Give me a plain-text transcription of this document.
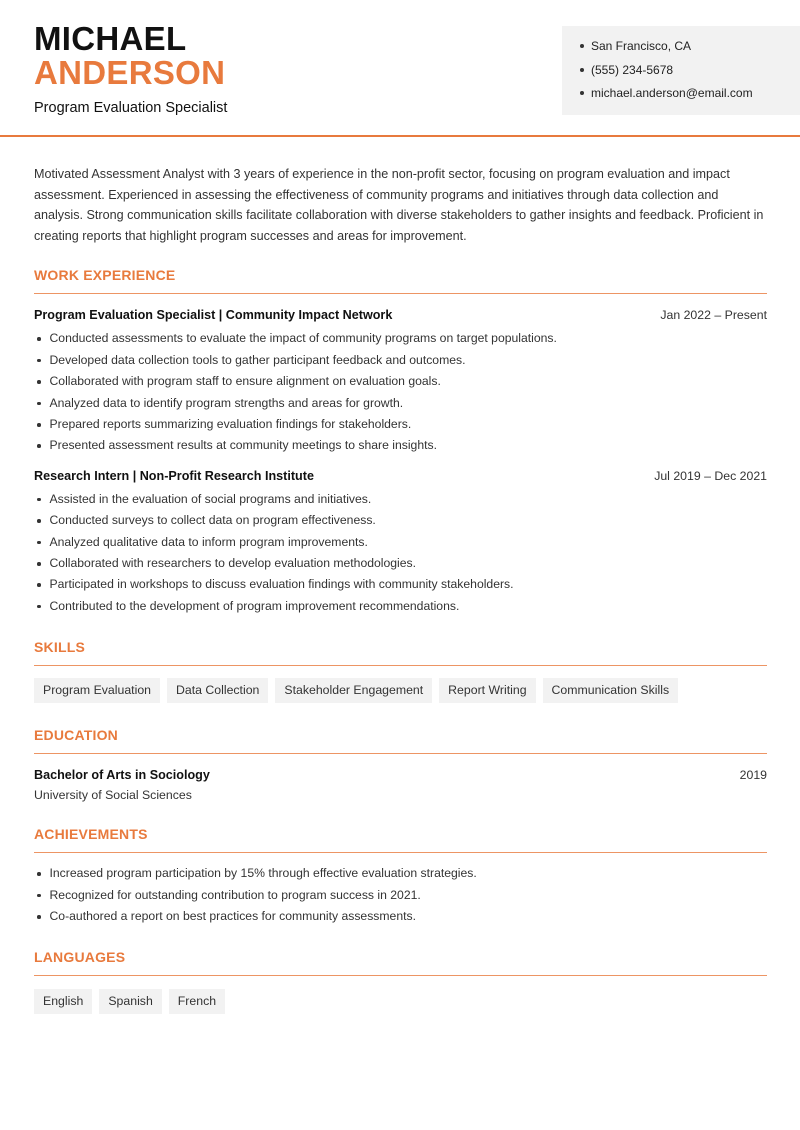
MICHAEL
ANDERSON
Program Evaluation Specialist
San Francisco, CA
(555) 234-5678
michael.anderson@email.com

Motivated Assessment Analyst with 3 years of experience in the non-profit sector, focusing on program evaluation and impact assessment. Experienced in assessing the effectiveness of community programs and initiatives through data collection and analysis. Strong communication skills facilitate collaboration with diverse stakeholders to gather insights and feedback. Proficient in creating reports that highlight program successes and areas for improvement.

WORK EXPERIENCE
Program Evaluation Specialist | Community Impact Network	Jan 2022 – Present
Conducted assessments to evaluate the impact of community programs on target populations.
Developed data collection tools to gather participant feedback and outcomes.
Collaborated with program staff to ensure alignment on evaluation goals.
Analyzed data to identify program strengths and areas for growth.
Prepared reports summarizing evaluation findings for stakeholders.
Presented assessment results at community meetings to share insights.
Research Intern | Non-Profit Research Institute	Jul 2019 – Dec 2021
Assisted in the evaluation of social programs and initiatives.
Conducted surveys to collect data on program effectiveness.
Analyzed qualitative data to inform program improvements.
Collaborated with researchers to develop evaluation methodologies.
Participated in workshops to discuss evaluation findings with community stakeholders.
Contributed to the development of program improvement recommendations.
SKILLS
Program Evaluation	Data Collection	Stakeholder Engagement	Report Writing	Communication Skills
EDUCATION
Bachelor of Arts in Sociology	2019
University of Social Sciences
ACHIEVEMENTS
Increased program participation by 15% through effective evaluation strategies.
Recognized for outstanding contribution to program success in 2021.
Co-authored a report on best practices for community assessments.
LANGUAGES
English	Spanish	French
